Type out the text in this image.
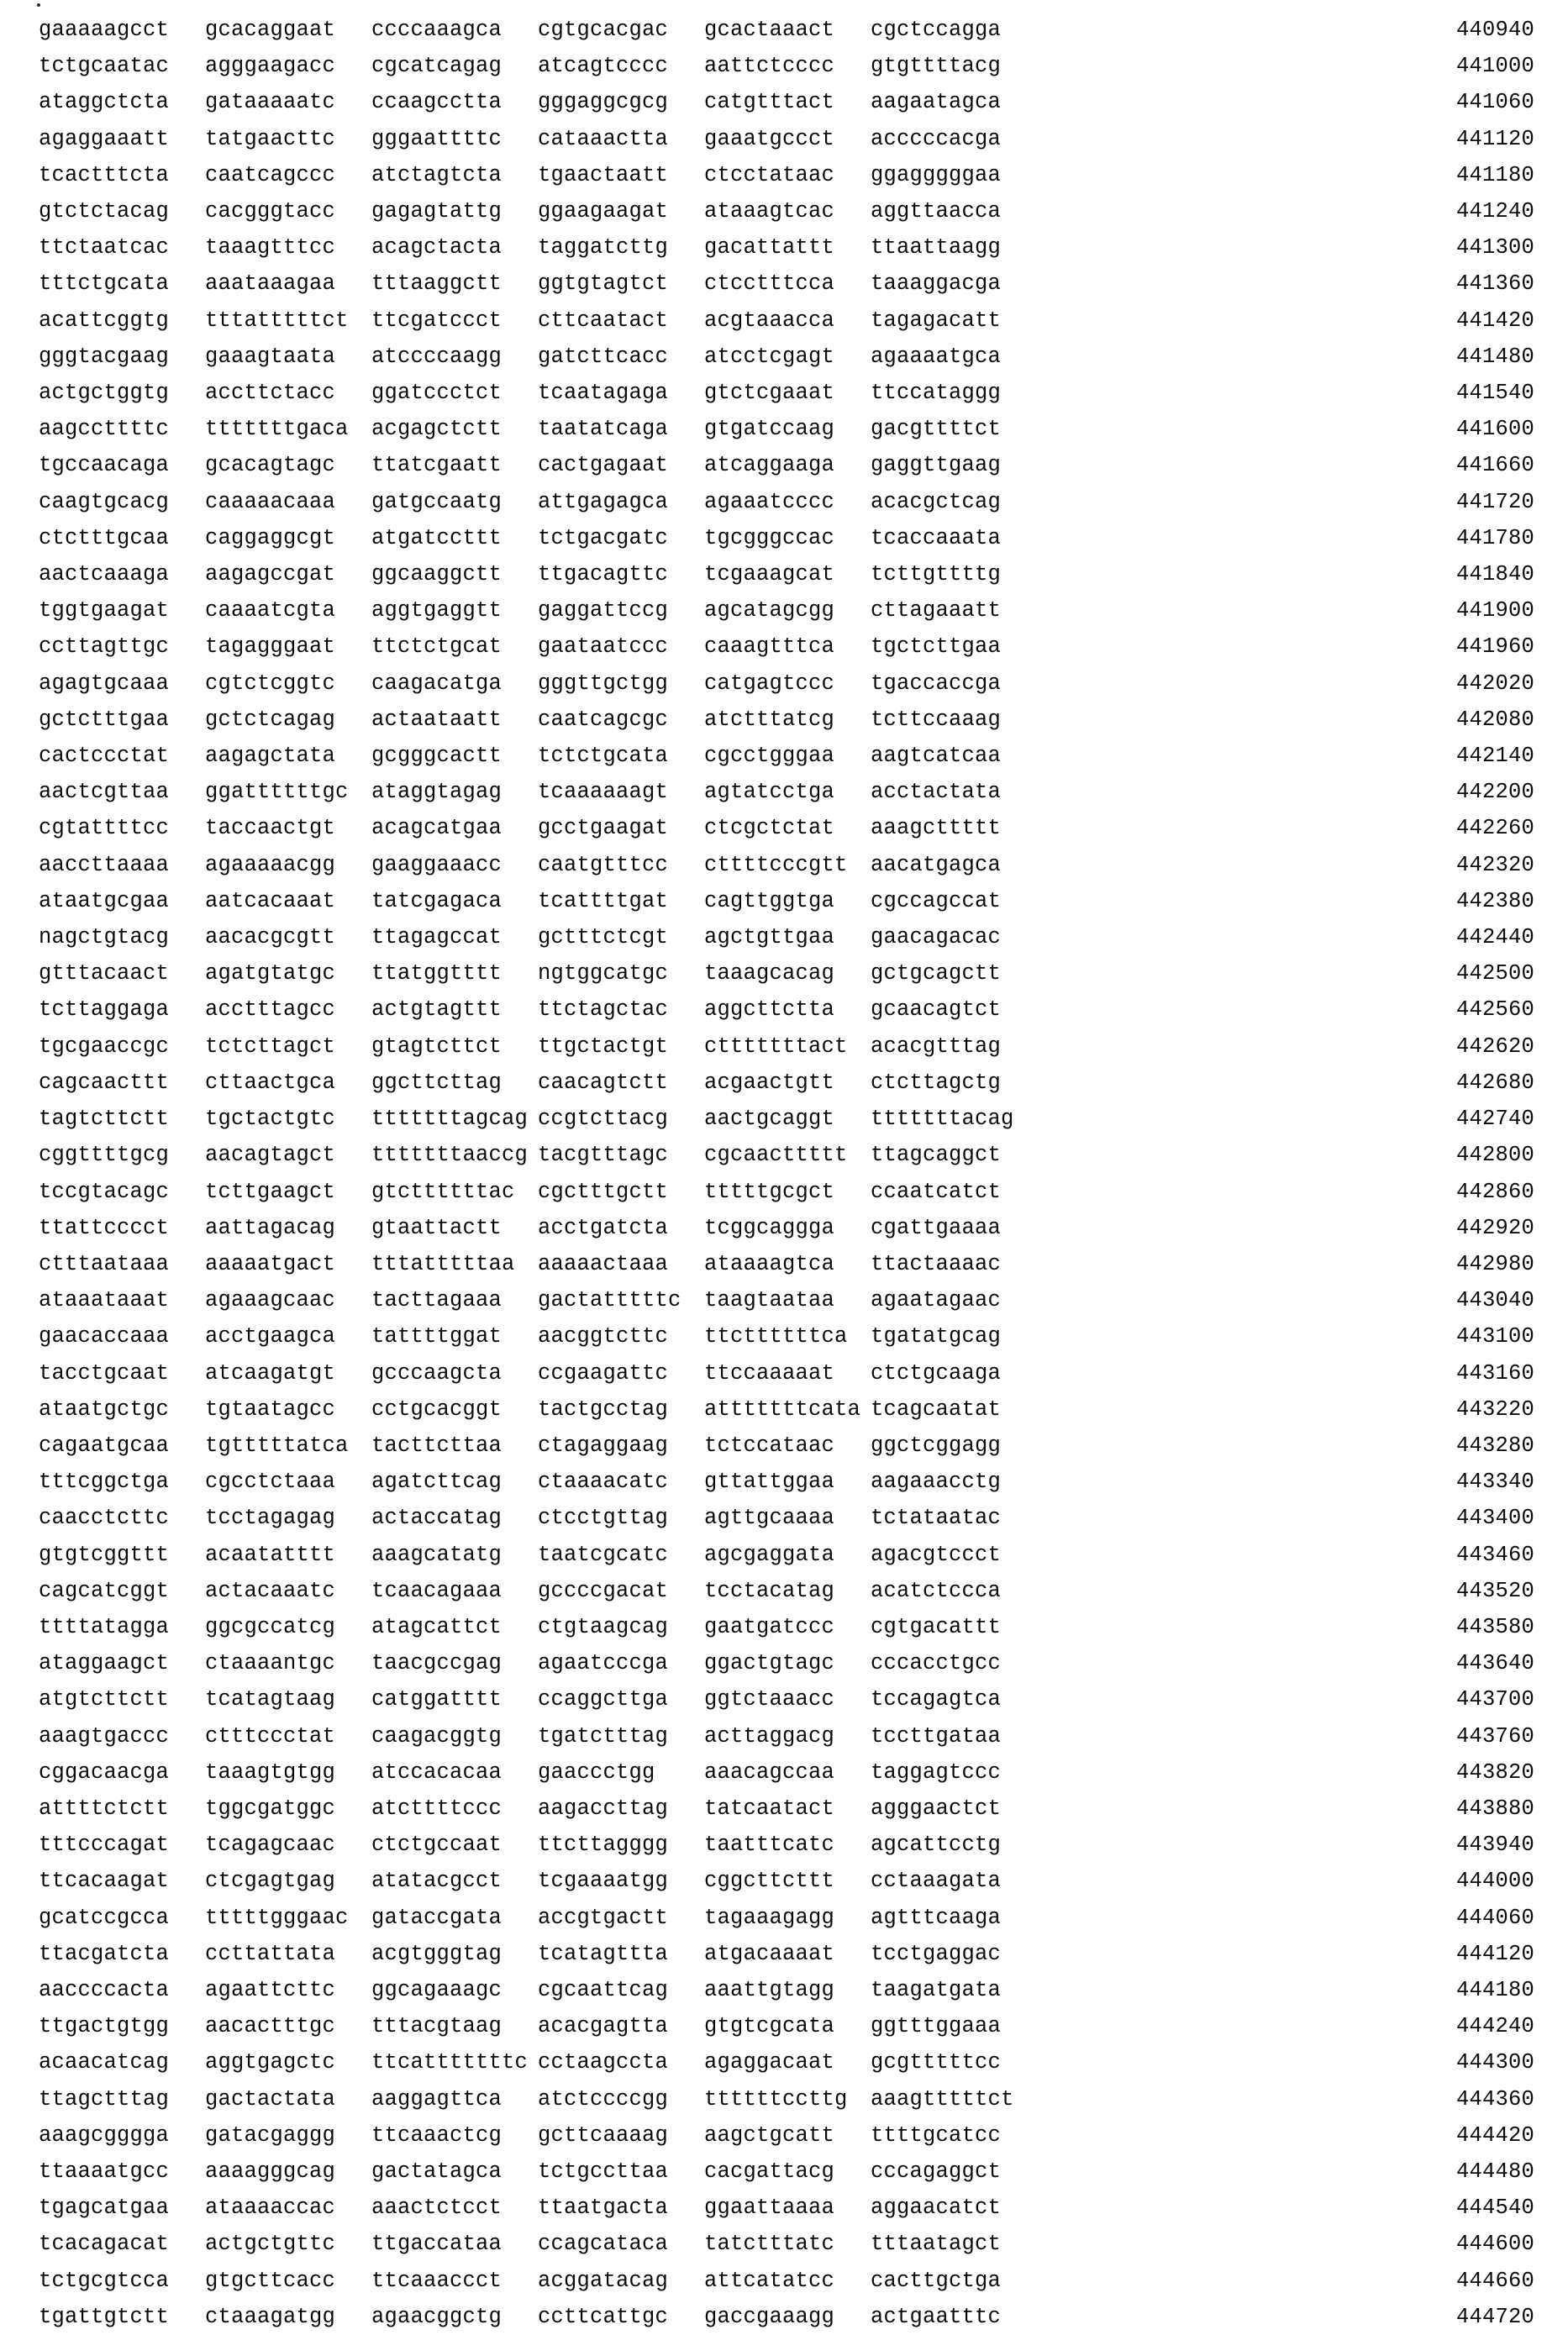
gaaaaagcct	gcacaggaat	ccccaaagca	cgtgcacgac	gcactaaact	cgctccagga	440940
tctgcaatac	agggaagacc	cgcatcagag	atcagtcccc	aattctcccc	gtgttttacg	441000
ataggctcta	gataaaaatc	ccaagcctta	gggaggcgcg	catgtttact	aagaatagca	441060
agaggaaatt	tatgaacttc	gggaattttc	cataaactta	gaaatgccct	acccccacga	441120
tcactttcta	caatcagccc	atctagtcta	tgaactaatt	ctcctataac	ggagggggaa	441180
gtctctacag	cacgggtacc	gagagtattg	ggaagaagat	ataaagtcac	aggttaacca	441240
ttctaatcac	taaagtttcc	acagctacta	taggatcttg	gacattattt	ttaattaagg	441300
tttctgcata	aaataaagaa	tttaaggctt	ggtgtagtct	ctcctttcca	taaaggacga	441360
acattcggtg	tttatttttct	ttcgatccct	cttcaatact	acgtaaacca	tagagacatt	441420
gggtacgaag	gaaagtaata	atccccaagg	gatcttcacc	atcctcgagt	agaaaatgca	441480
actgctggtg	accttctacc	ggatccctct	tcaatagaga	gtctcgaaat	ttccataggg	441540
aagccttttc	tttttttgaca	acgagctctt	taatatcaga	gtgatccaag	gacgttttct	441600
tgccaacaga	gcacagtagc	ttatcgaatt	cactgagaat	atcaggaaga	gaggttgaag	441660
caagtgcacg	caaaaacaaa	gatgccaatg	attgagagca	agaaatcccc	acacgctcag	441720
ctctttgcaa	caggaggcgt	atgatccttt	tctgacgatc	tgcgggccac	tcaccaaata	441780
aactcaaaga	aagagccgat	ggcaaggctt	ttgacagttc	tcgaaagcat	tcttgttttg	441840
tggtgaagat	caaaatcgta	aggtgaggtt	gaggattccg	agcatagcgg	cttagaaatt	441900
ccttagttgc	tagagggaat	ttctctgcat	gaataatccc	caaagtttca	tgctcttgaa	441960
agagtgcaaa	cgtctcggtc	caagacatga	gggttgctgg	catgagtccc	tgaccaccga	442020
gctctttgaa	gctctcagag	actaataatt	caatcagcgc	atctttatcg	tcttccaaag	442080
cactccctat	aagagctata	gcgggcactt	tctctgcata	cgcctgggaa	aagtcatcaa	442140
aactcgttaa	ggattttttgc	ataggtagag	tcaaaaaagt	agtatcctga	acctactata	442200
cgtattttcc	taccaactgt	acagcatgaa	gcctgaagat	ctcgctctat	aaagcttttt	442260
aaccttaaaa	agaaaaacgg	gaaggaaacc	caatgtttcc	cttttcccgtt	aacatgagca	442320
ataatgcgaa	aatcacaaat	tatcgagaca	tcattttgat	cagttggtga	cgccagccat	442380
nagctgtacg	aacacgcgtt	ttagagccat	gctttctcgt	agctgttgaa	gaacagacac	442440
gtttacaact	agatgtatgc	ttatggtttt	ngtggcatgc	taaagcacag	gctgcagctt	442500
tcttaggaga	acctttagcc	actgtagttt	ttctagctac	aggcttctta	gcaacagtct	442560
tgcgaaccgc	tctcttagct	gtagtcttct	ttgctactgt	ctttttttact	acacgtttag	442620
cagcaacttt	cttaactgca	ggcttcttag	caacagtctt	acgaactgtt	ctcttagctg	442680
tagtcttctt	tgctactgtc	tttttttagcag ccgtcttacg	aactgcaggt	tttttttacag	442740
cggttttgcg	aacagtagct	tttttttaaccg tacgtttagc	cgcaacttttt	ttagcaggct	442800
tccgtacagc	tcttgaagct	gtcttttttac	cgctttgctt	tttttgcgct	ccaatcatct	442860
ttattcccct	aattagacag	gtaattactt	acctgatcta	tcggcaggga	cgattgaaaa	442920
ctttaataaa	aaaaatgact	tttatttttaa	aaaaactaaa	ataaaagtca	ttactaaaac	442980
ataaataaat	agaaagcaac	tacttagaaa	gactatttttc	taagtaataa	agaatagaac	443040
gaacaccaaa	acctgaagca	tattttggat	aacggtcttc	ttcttttttca	tgatatgcag	443100
tacctgcaat	atcaagatgt	gcccaagcta	ccgaagattc	ttccaaaaat	ctctgcaaga	443160
ataatgctgc	tgtaatagcc	cctgcacggt	tactgcctag	atttttttcata tcagcaatat	443220
cagaatgcaa	tgtttttatca	tacttcttaa	ctagaggaag	tctccataac	ggctcggagg	443280
tttcggctga	cgcctctaaa	agatcttcag	ctaaaacatc	gttattggaa	aagaaacctg	443340
caacctcttc	tcctagagag	actaccatag	ctcctgttag	agttgcaaaa	tctataatac	443400
gtgtcggttt	acaatatttt	aaagcatatg	taatcgcatc	agcgaggata	agacgtccct	443460
cagcatcggt	actacaaatc	tcaacagaaa	gccccgacat	tcctacatag	acatctccca	443520
ttttatagga	ggcgccatcg	atagcattct	ctgtaagcag	gaatgatccc	cgtgacattt	443580
ataggaagct	ctaaaantgc	taacgccgag	agaatcccga	ggactgtagc	cccacctgcc	443640
atgtcttctt	tcatagtaag	catggatttt	ccaggcttga	ggtctaaacc	tccagagtca	443700
aaagtgaccc	ctttccctat	caagacggtg	tgatctttag	acttaggacg	tccttgataa	443760
cggacaacga	taaagtgtgg	atccacacaa	gaaccctgg	aaacagccaa	taggagtccc	443820
attttctctt	tggcgatggc	atcttttccc	aagaccttag	tatcaatact	agggaactct	443880
tttcccagat	tcagagcaac	ctctgccaat	ttcttagggg	taatttcatc	agcattcctg	443940
ttcacaagat	ctcgagtgag	atatacgcct	tcgaaaatgg	cggcttcttt	cctaaagata	444000
gcatccgcca	tttttgggaac	gataccgata	accgtgactt	tagaaagagg	agtttcaaga	444060
ttacgatcta	ccttattata	acgtgggtag	tcatagttta	atgacaaaat	tcctgaggac	444120
aaccccacta	agaattcttc	ggcagaaagc	cgcaattcag	aaattgtagg	taagatgata	444180
ttgactgtgg	aacactttgc	tttacgtaag	acacgagtta	gtgtcgcata	ggtttggaaa	444240
acaacatcag	aggtgagctc	ttcatttttttc cctaagccta	agaggacaat	gcgtttttcc	444300
ttagctttag	gactactata	aaggagttca	atctccccgg	ttttttccttg	aaagtttttct	444360
aaagcgggga	gatacgaggg	ttcaaactcg	gcttcaaaag	aagctgcatt	ttttgcatcc	444420
ttaaaatgcc	aaaagggcag	gactatagca	tctgccttaa	cacgattacg	cccagaggct	444480
tgagcatgaa	ataaaaccac	aaactctcct	ttaatgacta	ggaattaaaa	aggaacatct	444540
tcacagacat	actgctgttc	ttgaccataa	ccagcataca	tatctttatc	tttaatagct	444600
tctgcgtcca	gtgcttcacc	ttcaaaccct	acggatacag	attcatatcc	cacttgctga	444660
tgattgtctt	ctaaagatgg	agaacggctg	ccttcattgc	gaccgaaagg	actgaatttc	444720
